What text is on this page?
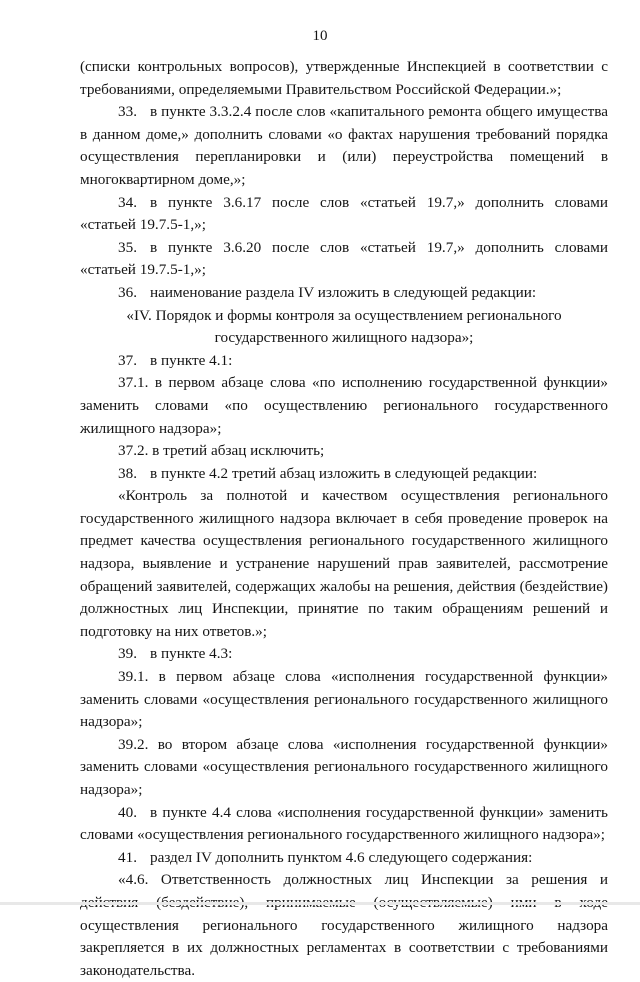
10

(списки контрольных вопросов), утвержденные Инспекцией в соответствии с требованиями, определяемыми Правительством Российской Федерации.»;

33. в пункте 3.3.2.4 после слов «капитального ремонта общего имущества в данном доме,» дополнить словами «о фактах нарушения требований порядка осуществления перепланировки и (или) переустройства помещений в многоквартирном доме,»;

34. в пункте 3.6.17 после слов «статьей 19.7,» дополнить словами «статьей 19.7.5-1,»;

35. в пункте 3.6.20 после слов «статьей 19.7,» дополнить словами «статьей 19.7.5-1,»;

36. наименование раздела IV изложить в следующей редакции:

«IV. Порядок и формы контроля за осуществлением регионального государственного жилищного надзора»;

37. в пункте 4.1:

37.1. в первом абзаце слова «по исполнению государственной функции» заменить словами «по осуществлению регионального государственного жилищного надзора»;

37.2. в третий абзац исключить;

38. в пункте 4.2 третий абзац изложить в следующей редакции:

«Контроль за полнотой и качеством осуществления регионального государственного жилищного надзора включает в себя проведение проверок на предмет качества осуществления регионального государственного жилищного надзора, выявление и устранение нарушений прав заявителей, рассмотрение обращений заявителей, содержащих жалобы на решения, действия (бездействие) должностных лиц Инспекции, принятие по таким обращениям решений и подготовку на них ответов.»;

39. в пункте 4.3:

39.1. в первом абзаце слова «исполнения государственной функции» заменить словами «осуществления регионального государственного жилищного надзора»;

39.2. во втором абзаце слова «исполнения государственной функции» заменить словами «осуществления регионального государственного жилищного надзора»;

40. в пункте 4.4 слова «исполнения государственной функции» заменить словами «осуществления регионального государственного жилищного надзора»;

41. раздел IV дополнить пунктом 4.6 следующего содержания:

«4.6. Ответственность должностных лиц Инспекции за решения и осуществления регионального государственного жилищного надзора закрепляется в их должностных регламентах в соответствии с требованиями законодательства.
